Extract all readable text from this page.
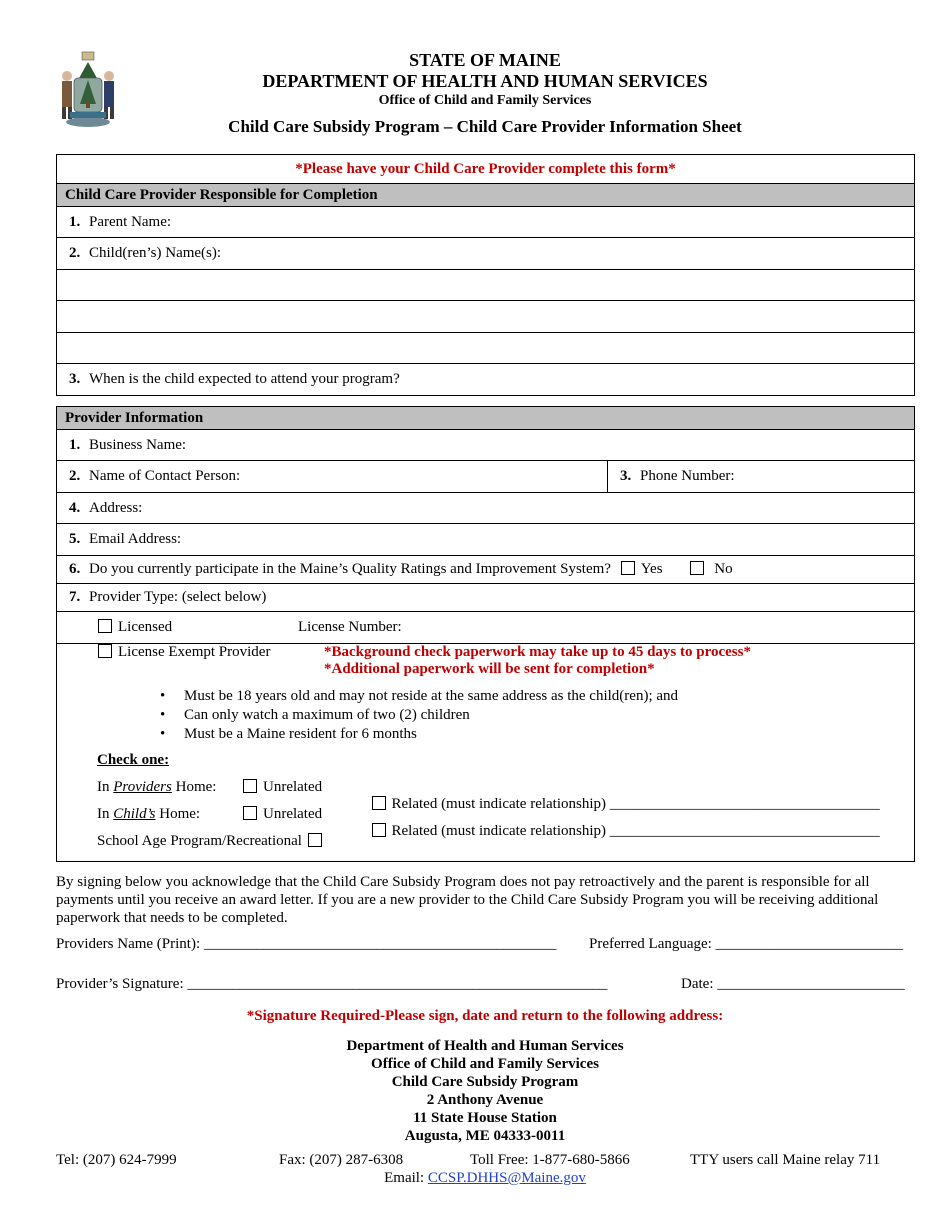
STATE OF MAINE
DEPARTMENT OF HEALTH AND HUMAN SERVICES
Office of Child and Family Services
Child Care Subsidy Program – Child Care Provider Information Sheet
*Please have your Child Care Provider complete this form*
Child Care Provider Responsible for Completion
1. Parent Name:
2. Child(ren’s) Name(s):

3. When is the child expected to attend your program?
Provider Information
1. Business Name:
2. Name of Contact Person:	3. Phone Number:
4. Address:
5. Email Address:
6. Do you currently participate in the Maine’s Quality Ratings and Improvement System? Yes	No
7. Provider Type: (select below)
Licensed	License Number:

License Exempt Provider	*Background check paperwork may take up to 45 days to process*
*Additional paperwork will be sent for completion*
• Must be 18 years old and may not reside at the same address as the child(ren); and
• Can only watch a maximum of two (2) children
• Must be a Maine resident for 6 months
Check one:
In Providers Home:	Unrelated

Related (must indicate relationship) ____________________________________

In Child’s Home:	Unrelated

Related (must indicate relationship) ____________________________________

School Age Program/Recreational
By signing below you acknowledge that the Child Care Subsidy Program does not pay retroactively and the parent is responsible for all
payments until you receive an award letter. If you are a new provider to the Child Care Subsidy Program you will be receiving additional
paperwork that needs to be completed.
Providers Name (Print): _______________________________________________ Preferred Language: _________________________
Provider’s Signature: ________________________________________________________	Date: _________________________
*Signature Required-Please sign, date and return to the following address:
Department of Health and Human Services
Office of Child and Family Services
Child Care Subsidy Program
2 Anthony Avenue
11 State House Station
Augusta, ME 04333-0011
Tel: (207) 624-7999	Fax: (207) 287-6308	Toll Free: 1-877-680-5866	TTY users call Maine relay 711
Email: CCSP.DHHS@Maine.gov
